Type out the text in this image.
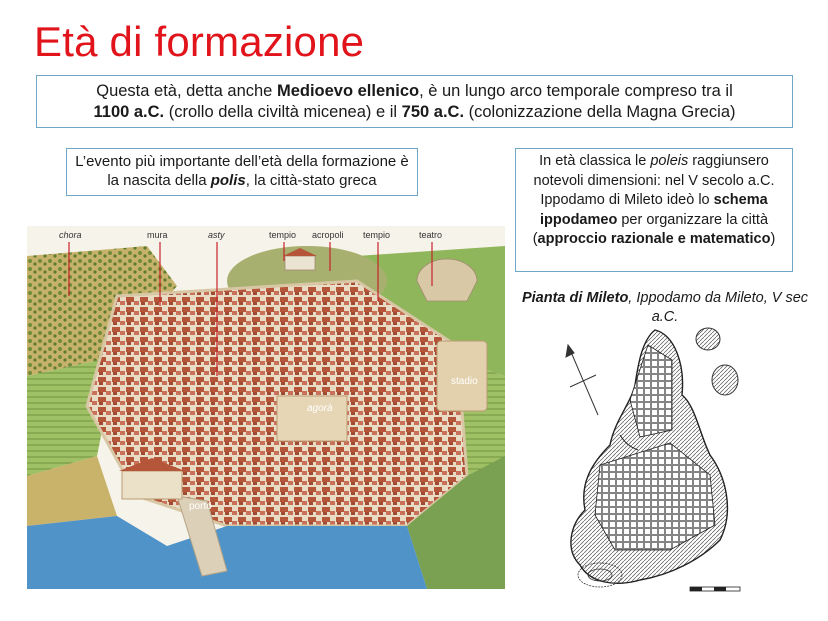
Età di formazione
Questa età, detta anche Medioevo ellenico, è un lungo arco temporale compreso tra il
1100 a.C. (crollo della civiltà micenea) e il 750 a.C. (colonizzazione della Magna Grecia)
L’evento più importante dell’età della formazione è la nascita della polis, la città-stato greca
In età classica le poleis raggiunsero notevoli dimensioni: nel V secolo a.C. Ippodamo di Mileto ideò lo schema ippodameo per organizzare la città (approccio razionale e matematico)
chora	mura	asty	tempio acropoli tempio	teatro
stadio
agorà
porto
Pianta di Mileto, Ippodamo da Mileto, V sec a.C.
